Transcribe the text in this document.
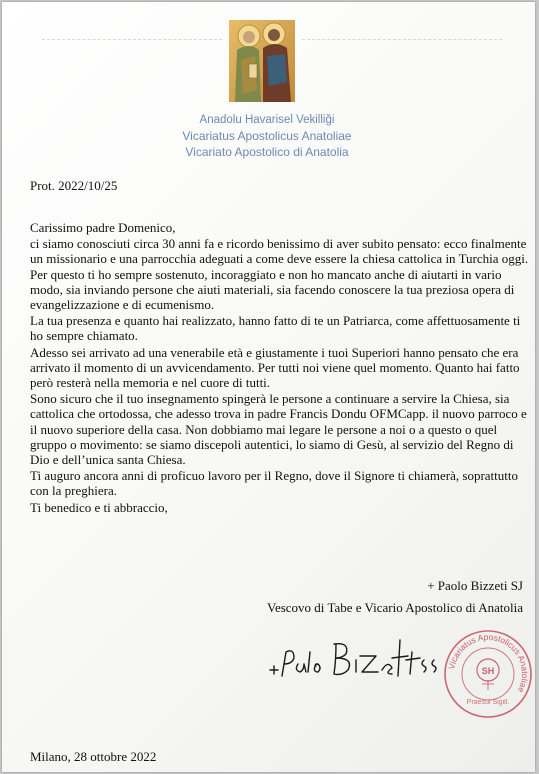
Anadolu Havarisel Vekilliği
Vicariatus Apostolicus Anatoliae
Vicariato Apostolico di Anatolia
Prot. 2022/10/25

Carissimo padre Domenico,

ci siamo conosciuti circa 30 anni fa e ricordo benissimo di aver subito pensato: ecco finalmente un missionario e una parrocchia adeguati a come deve essere la chiesa cattolica in Turchia oggi. Per questo ti ho sempre sostenuto, incoraggiato e non ho mancato anche di aiutarti in vario modo, sia inviando persone che aiuti materiali, sia facendo conoscere la tua preziosa opera di evangelizzazione e di ecumenismo.

La tua presenza e quanto hai realizzato, hanno fatto di te un Patriarca, come affettuosamente ti ho sempre chiamato.

Adesso sei arrivato ad una venerabile età e giustamente i tuoi Superiori hanno pensato che era arrivato il momento di un avvicendamento. Per tutti noi viene quel momento. Quanto hai fatto però resterà nella memoria e nel cuore di tutti.

Sono sicuro che il tuo insegnamento spingerà le persone a continuare a servire la Chiesa, sia cattolica che ortodossa, che adesso trova in padre Francis Dondu OFMCapp. il nuovo parroco e il nuovo superiore della casa. Non dobbiamo mai legare le persone a noi o a questo o quel gruppo o movimento: se siamo discepoli autentici, lo siamo di Gesù, al servizio del Regno di Dio e dell’unica santa Chiesa.

Ti auguro ancora anni di proficuo lavoro per il Regno, dove il Signore ti chiamerà, soprattutto con la preghiera.

Ti benedico e ti abbraccio,

+ Paolo Bizzeti SJ
Vescovo di Tabe e Vicario Apostolico di Anatolia
Vicariatus Apostolicus Anatoliae
SH
Praesul Sigill.
Milano, 28 ottobre 2022
